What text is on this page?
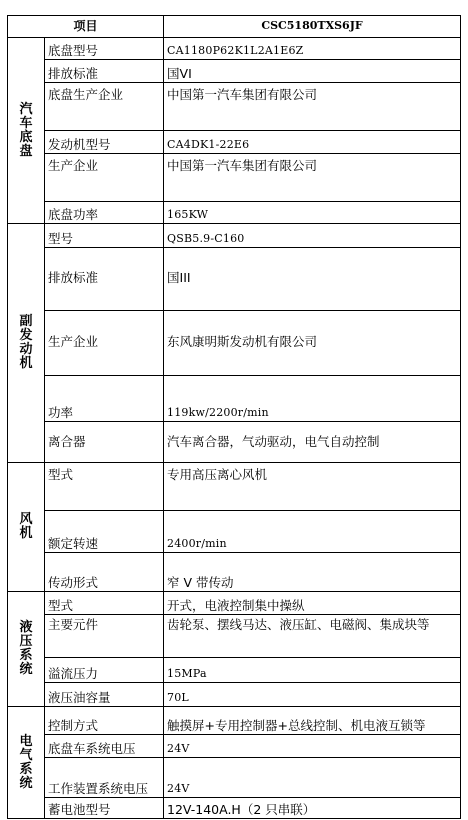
项目		CSC5180TXS6JF
汽车底盘	底盘型号	CA1180P62K1L2A1E6Z
	排放标准	国VI
	底盘生产企业	中国第一汽车集团有限公司
	发动机型号	CA4DK1-22E6
	生产企业	中国第一汽车集团有限公司
	底盘功率	165KW
副发动机	型号	QSB5.9-C160
	排放标准	国III
	生产企业	东风康明斯发动机有限公司
	功率	119kw/2200r/min
	离合器	汽车离合器，气动驱动，电气自动控制
风机	型式	专用高压离心风机
	额定转速	2400r/min
	传动形式	窄 V 带传动
液压系统	型式	开式，电液控制集中操纵
	主要元件	齿轮泵、摆线马达、液压缸、电磁阀、集成块等
	溢流压力	15MPa
	液压油容量	70L
电气系统	控制方式	触摸屏+专用控制器+总线控制、机电液互锁等
	底盘车系统电压	24V
	工作装置系统电压	24V
	蓄电池型号	12V-140A.H（2 只串联）
